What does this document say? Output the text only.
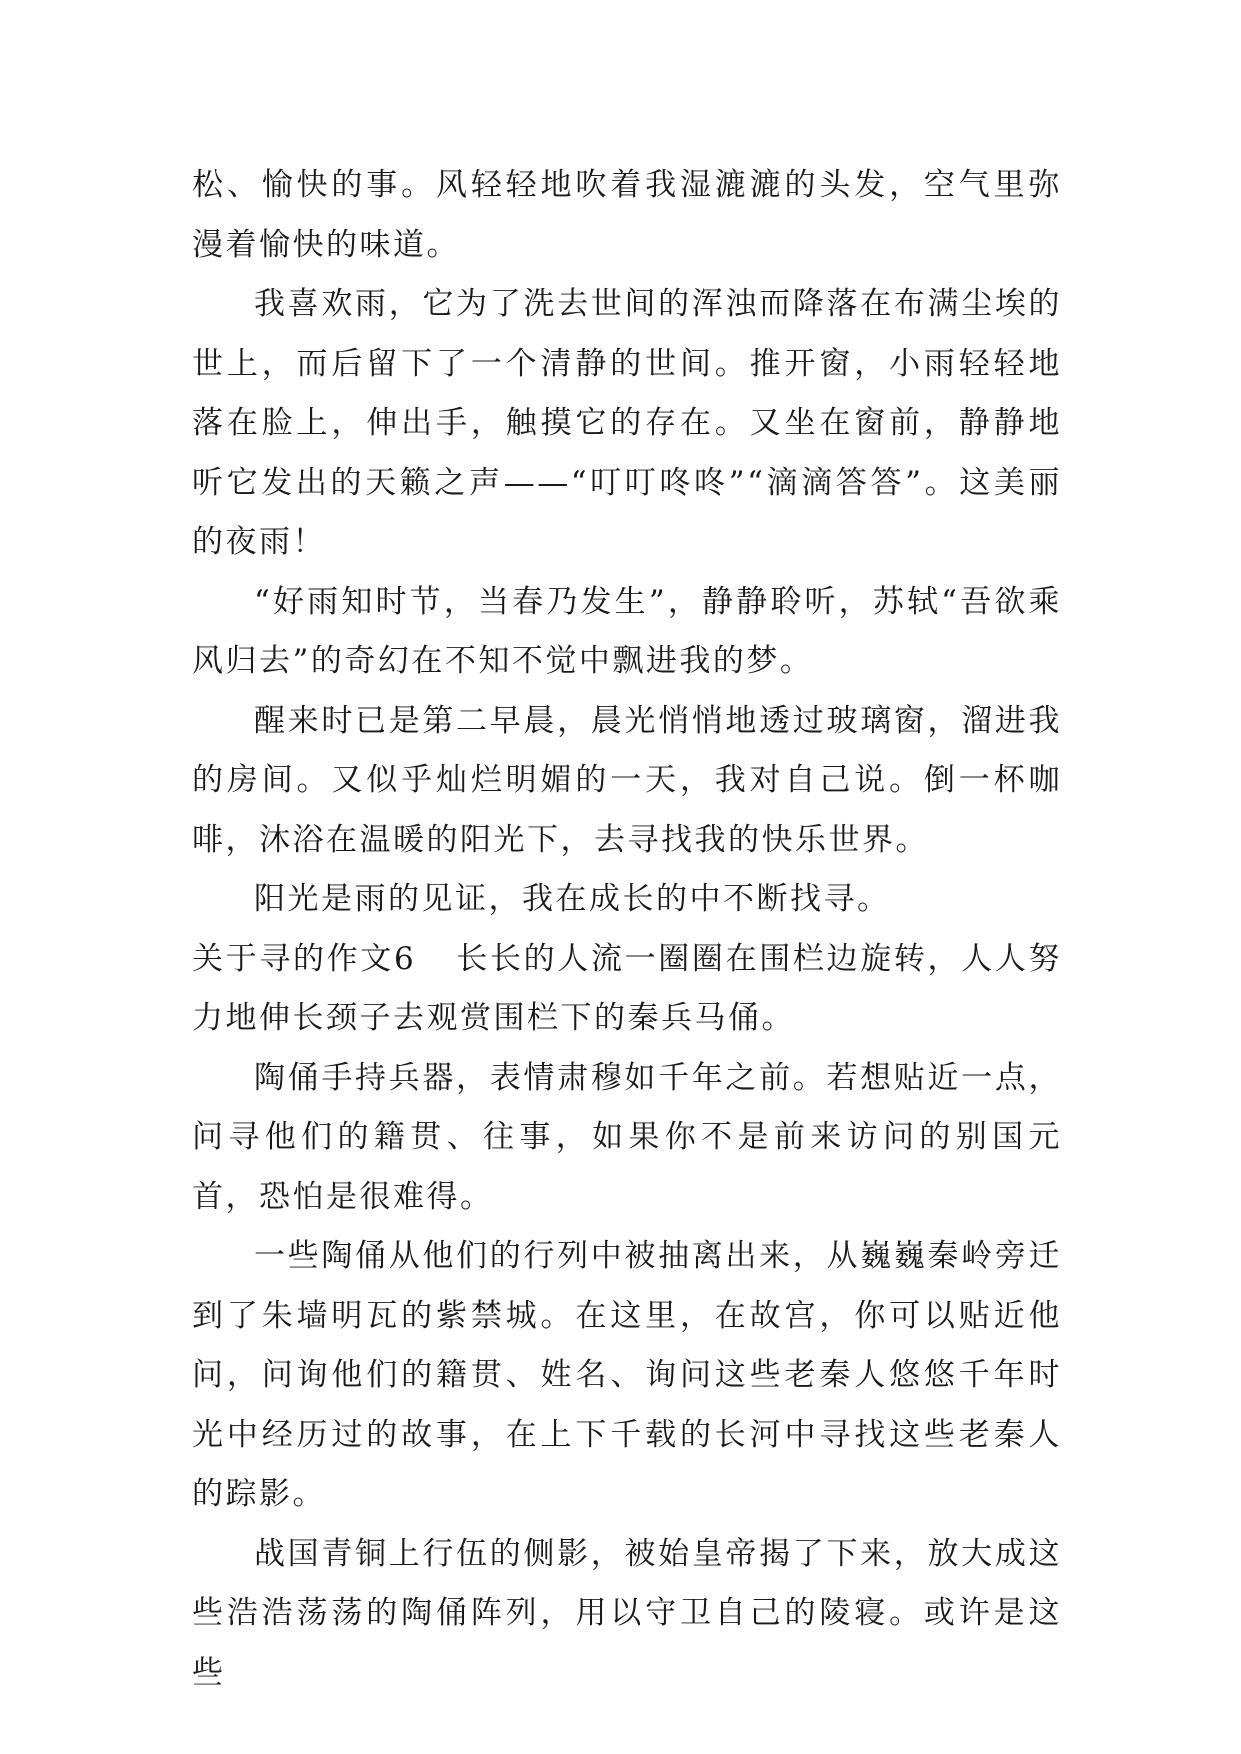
松、愉快的事。风轻轻地吹着我湿漉漉的头发，空气里弥漫着愉快的味道。

我喜欢雨，它为了洗去世间的浑浊而降落在布满尘埃的世上，而后留下了一个清静的世间。推开窗，小雨轻轻地落在脸上，伸出手，触摸它的存在。又坐在窗前，静静地听它发出的天籁之声——“叮叮咚咚”“滴滴答答”。这美丽的夜雨！

“好雨知时节，当春乃发生”，静静聆听，苏轼“吾欲乘风归去”的奇幻在不知不觉中飘进我的梦。

醒来时已是第二早晨，晨光悄悄地透过玻璃窗，溜进我的房间。又似乎灿烂明媚的一天，我对自己说。倒一杯咖啡，沐浴在温暖的阳光下，去寻找我的快乐世界。

阳光是雨的见证，我在成长的中不断找寻。

关于寻的作文6 长长的人流一圈圈在围栏边旋转，人人努力地伸长颈子去观赏围栏下的秦兵马俑。

陶俑手持兵器，表情肃穆如千年之前。若想贴近一点，问寻他们的籍贯、往事，如果你不是前来访问的别国元首，恐怕是很难得。

一些陶俑从他们的行列中被抽离出来，从巍巍秦岭旁迁到了朱墙明瓦的紫禁城。在这里，在故宫，你可以贴近他问，问询他们的籍贯、姓名、询问这些老秦人悠悠千年时光中经历过的故事，在上下千载的长河中寻找这些老秦人的踪影。

战国青铜上行伍的侧影，被始皇帝揭了下来，放大成这些浩浩荡荡的陶俑阵列，用以守卫自己的陵寝。或许是这些
